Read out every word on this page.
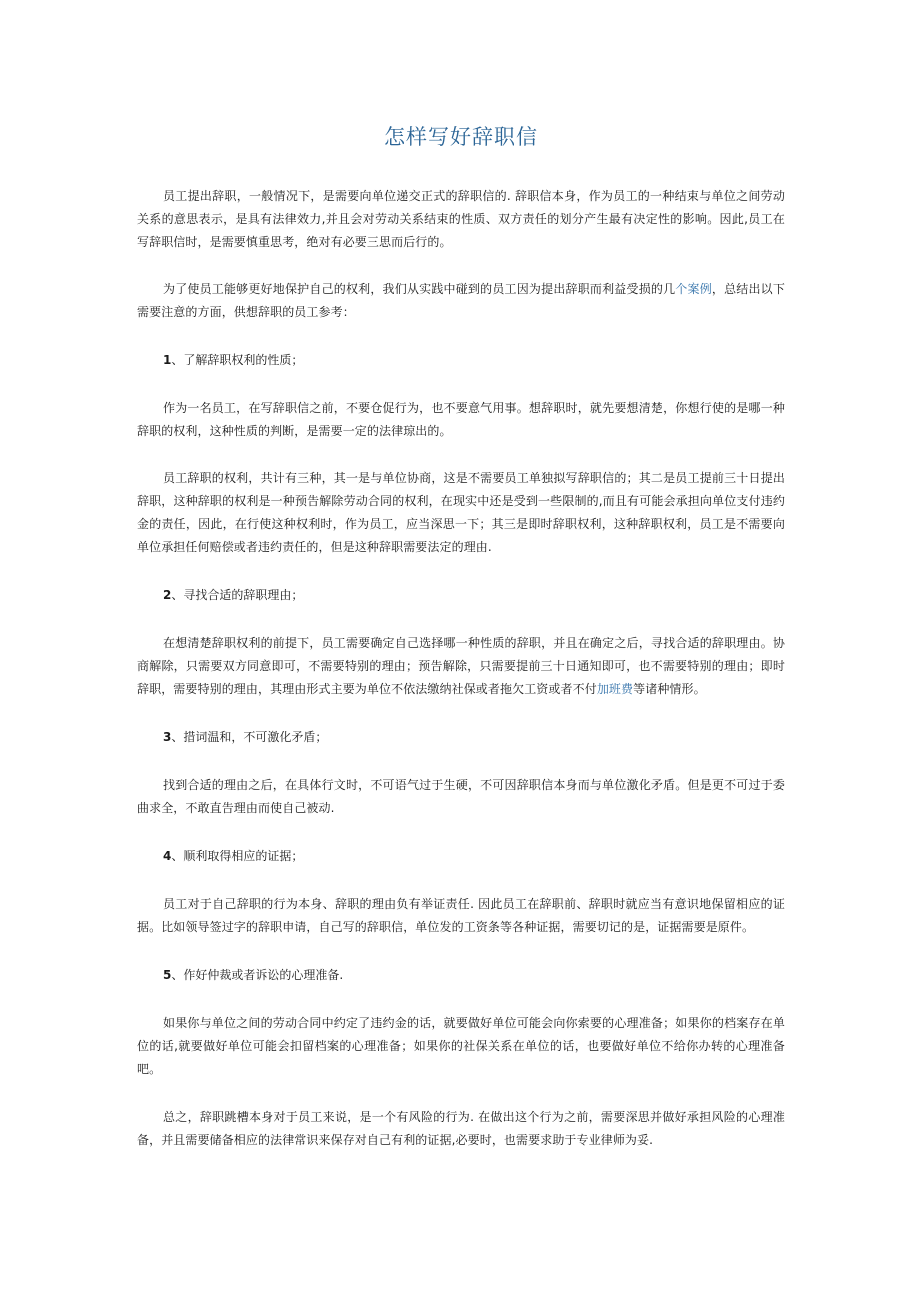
怎样写好辞职信

员工提出辞职，一般情况下，是需要向单位递交正式的辞职信的. 辞职信本身，作为员工的一种结束与单位之间劳动关系的意思表示，是具有法律效力,并且会对劳动关系结束的性质、双方责任的划分产生最有决定性的影响。因此,员工在写辞职信时，是需要慎重思考，绝对有必要三思而后行的。

为了使员工能够更好地保护自己的权利，我们从实践中碰到的员工因为提出辞职而利益受损的几个案例，总结出以下需要注意的方面，供想辞职的员工参考：

1、了解辞职权利的性质；

作为一名员工，在写辞职信之前，不要仓促行为，也不要意气用事。想辞职时，就先要想清楚，你想行使的是哪一种辞职的权利，这种性质的判断，是需要一定的法律琼出的。

员工辞职的权利，共计有三种，其一是与单位协商，这是不需要员工单独拟写辞职信的；其二是员工提前三十日提出辞职，这种辞职的权利是一种预告解除劳动合同的权利，在现实中还是受到一些限制的,而且有可能会承担向单位支付违约金的责任，因此，在行使这种权利时，作为员工，应当深思一下；其三是即时辞职权利，这种辞职权利，员工是不需要向单位承担任何赔偿或者违约责任的，但是这种辞职需要法定的理由.

2、寻找合适的辞职理由；

在想清楚辞职权利的前提下，员工需要确定自己选择哪一种性质的辞职，并且在确定之后，寻找合适的辞职理由。协商解除，只需要双方同意即可，不需要特别的理由；预告解除，只需要提前三十日通知即可，也不需要特别的理由；即时辞职，需要特别的理由，其理由形式主要为单位不依法缴纳社保或者拖欠工资或者不付加班费等诸种情形。

3、措词温和，不可激化矛盾；

找到合适的理由之后，在具体行文时，不可语气过于生硬，不可因辞职信本身而与单位激化矛盾。但是更不可过于委曲求全，不敢直告理由而使自己被动.

4、顺利取得相应的证据；

员工对于自己辞职的行为本身、辞职的理由负有举证责任. 因此员工在辞职前、辞职时就应当有意识地保留相应的证据。比如领导签过字的辞职申请，自己写的辞职信，单位发的工资条等各种证据，需要切记的是，证据需要是原件。

5、作好仲裁或者诉讼的心理准备.

如果你与单位之间的劳动合同中约定了违约金的话，就要做好单位可能会向你索要的心理准备；如果你的档案存在单位的话,就要做好单位可能会扣留档案的心理准备；如果你的社保关系在单位的话，也要做好单位不给你办转的心理准备吧。

总之，辞职跳槽本身对于员工来说，是一个有风险的行为. 在做出这个行为之前，需要深思并做好承担风险的心理准备，并且需要储备相应的法律常识来保存对自己有利的证据,必要时，也需要求助于专业律师为妥.
